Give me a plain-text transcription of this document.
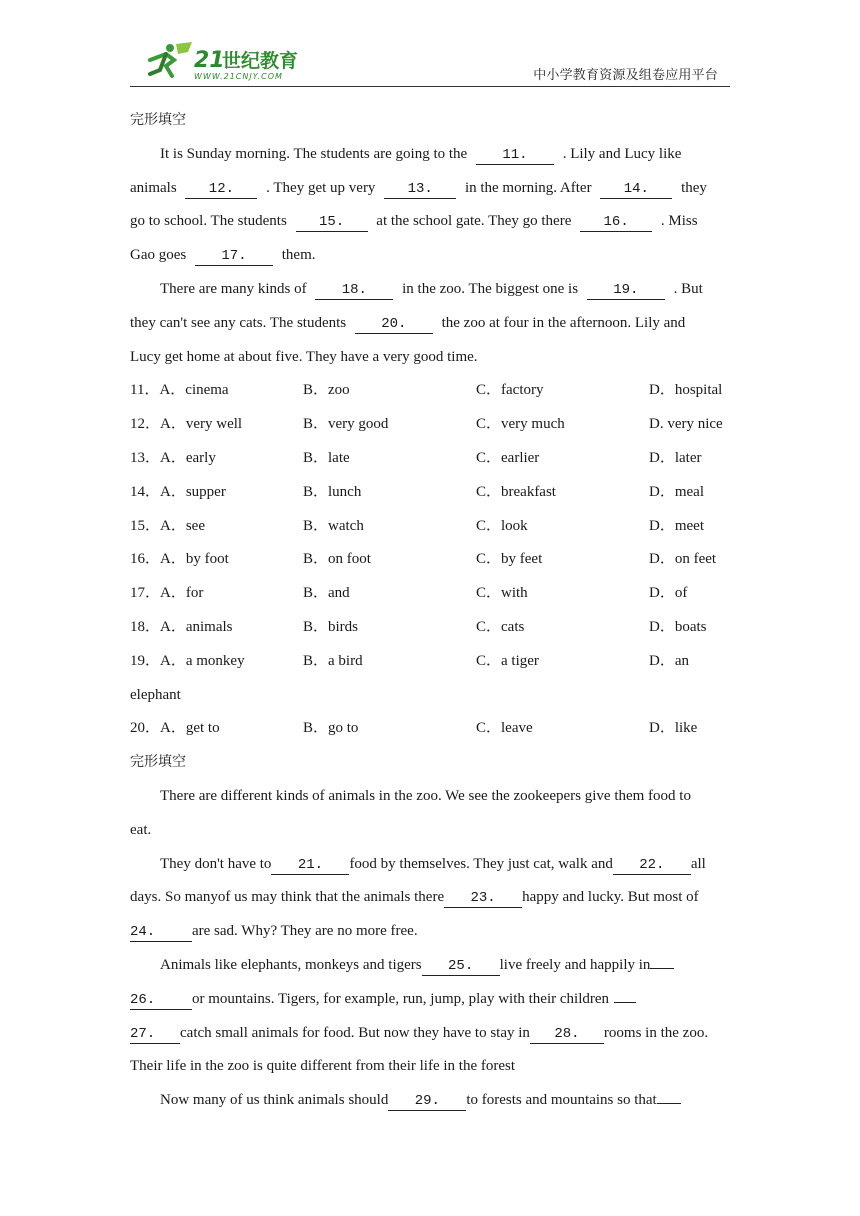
21
世纪教育
WWW.21CNJY.COM	中小学教育资源及组卷应用平台
完形填空
It is Sunday morning. The students are going to the	11. . Lily and Lucy like
animals 12. . They get up very 13. in the morning. After 14. they
go to school. The students 15. at the school gate. They go there 16. . Miss
Gao goes	17. them.
There are many kinds of	18. in the zoo. The biggest one is	19. . But
they can't see any cats. The students	20. the zoo at four in the afternoon. Lily and
Lucy get home at about five. They have a very good time.
11．A．cinema	B．zoo	C．factory	D．hospital
12．A．very well	B．very good	C．very much	D. very nice
13．A．early	B．late	C．earlier	D．later
14．A．supper	B．lunch	C．breakfast	D．meal
15．A．see	B．watch	C．look	D．meet
16．A．by foot	B．on foot	C．by feet	D．on feet
17．A．for	B．and	C．with	D．of
18．A．animals	B．birds	C．cats	D．boats
19．A．a monkey	B．a bird	C．a tiger	D．an
elephant
20．A．get to	B．go to	C．leave	D．like
完形填空
There are different kinds of animals in the zoo. We see the zookeepers give them food to
eat.
They don't have to 21. food by themselves. They just cat, walk and 22. all
days. So manyof us may think that the animals there 23. happy and lucky. But most of
24. are sad. Why? They are no more free.
Animals like elephants, monkeys and tigers 25. live freely and happily in
26. or mountains. Tigers, for example, run, jump, play with their children
27. catch small animals for food. But now they have to stay in 28. rooms in the zoo.
Their life in the zoo is quite different from their life in the forest
Now many of us think animals should 29. to forests and mountains so that
